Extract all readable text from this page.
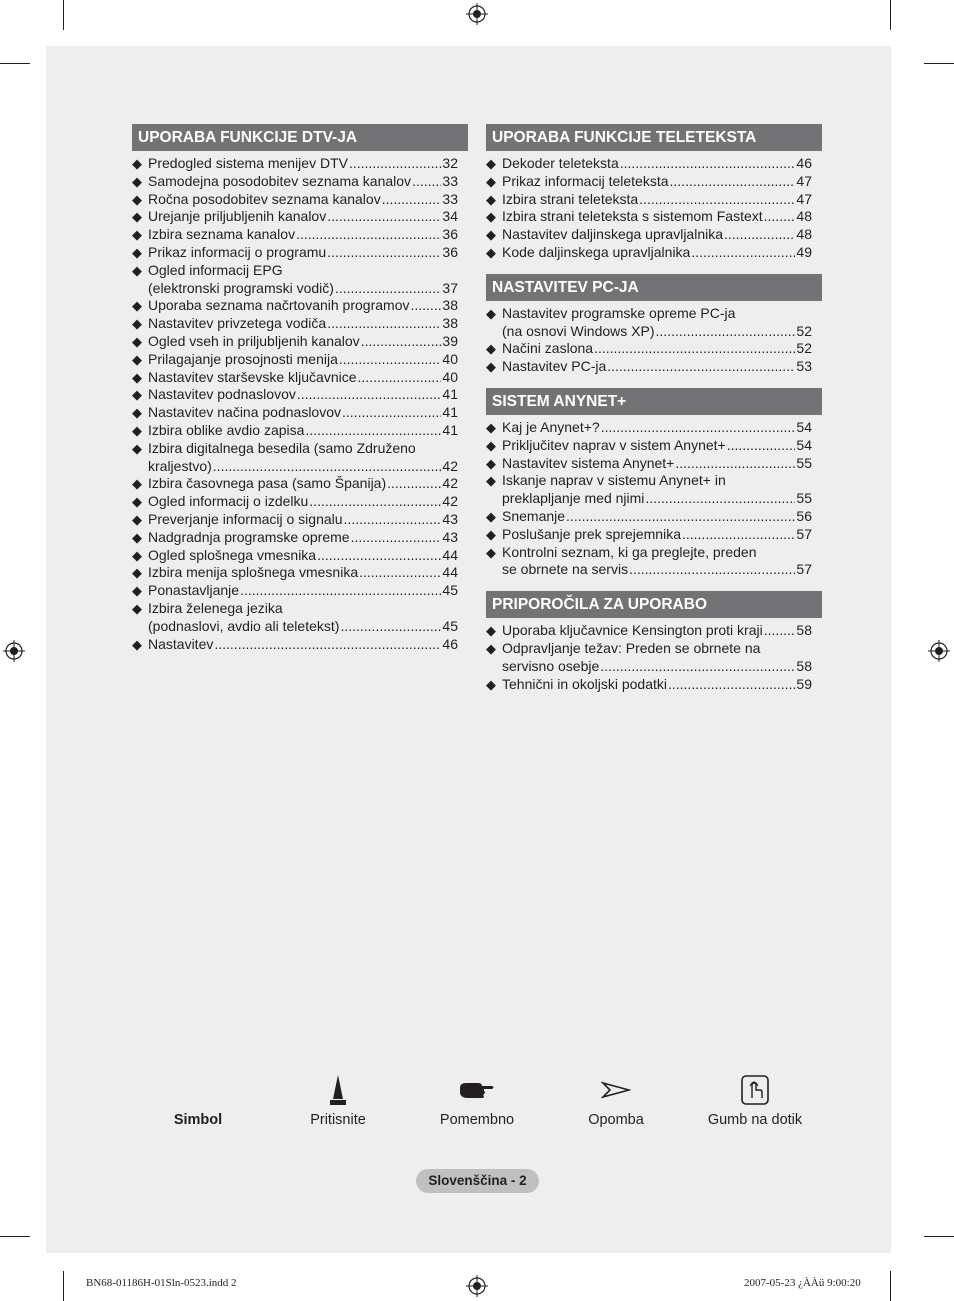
UPORABA FUNKCIJE DTV-JA
◆ Predogled sistema menijev DTV .....	32
◆ Samodejna posodobitev seznama kanalov ..... 33
◆ Ročna posodobitev seznama kanalov .....	33
◆ Urejanje priljubljenih kanalov .....	34
◆ Izbira seznama kanalov .....	36
◆ Prikaz informacij o programu .....	36
◆ Ogled informacij EPG
(elektronski programski vodič) .....	37
◆ Uporaba seznama načrtovanih programov ..... 38
◆ Nastavitev privzetega vodiča .....	38
◆ Ogled vseh in priljubljenih kanalov .....	39
◆ Prilagajanje prosojnosti menija .....	40
◆ Nastavitev starševske ključavnice .....	40
◆ Nastavitev podnaslovov .....	41
◆ Nastavitev načina podnaslovov .....	41
◆ Izbira oblike avdio zapisa .....	41
◆ Izbira digitalnega besedila (samo Združeno
kraljestvo) .....	42
◆ Izbira časovnega pasa (samo Španija) .....	42
◆ Ogled informacij o izdelku .....	42
◆ Preverjanje informacij o signalu .....	43
◆ Nadgradnja programske opreme .....	43
◆ Ogled splošnega vmesnika .....	44
◆ Izbira menija splošnega vmesnika .....	44
◆ Ponastavljanje .....	45
◆ Izbira želenega jezika
(podnaslovi, avdio ali teletekst) .....	45
◆ Nastavitev .....	46
UPORABA FUNKCIJE TELETEKSTA
◆ Dekoder teleteksta .....	46
◆ Prikaz informacij teleteksta .....	47
◆ Izbira strani teleteksta .....	47
◆ Izbira strani teleteksta s sistemom Fastext ..... 48
◆ Nastavitev daljinskega upravljalnika .....	48
◆ Kode daljinskega upravljalnika .....	49
NASTAVITEV PC-JA
◆ Nastavitev programske opreme PC-ja
(na osnovi Windows XP) .....	52
◆ Načini zaslona .....	52
◆ Nastavitev PC-ja .....	53
SISTEM ANYNET+
◆ Kaj je Anynet+? .....	54
◆ Priključitev naprav v sistem Anynet+ .....	54
◆ Nastavitev sistema Anynet+ .....	55
◆ Iskanje naprav v sistemu Anynet+ in
preklapljanje med njimi .....	55
◆ Snemanje .....	56
◆ Poslušanje prek sprejemnika .....	57
◆ Kontrolni seznam, ki ga preglejte, preden
se obrnete na servis .....	57
PRIPOROČILA ZA UPORABO
◆ Uporaba ključavnice Kensington proti kraji ..... 58
◆ Odpravljanje težav: Preden se obrnete na
servisno osebje .....	58
◆ Tehnični in okoljski podatki .....	59
Simbol	Pritisnite	Pomembno	Opomba	Gumb na dotik
Slovenščina - 2
BN68-01186H-01Sln-0523.indd 2	2007-05-23 ¿ÀÀü 9:00:20
